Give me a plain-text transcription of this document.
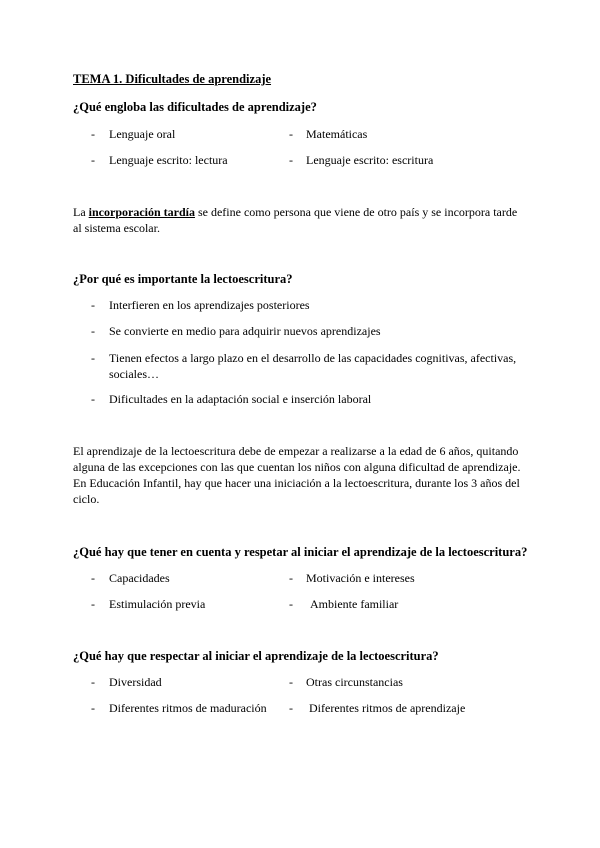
TEMA 1. Dificultades de aprendizaje
¿Qué engloba las dificultades de aprendizaje?
- Lenguaje oral	- Matemáticas
- Lenguaje escrito: lectura	- Lenguaje escrito: escritura
La incorporación tardía se define como persona que viene de otro país y se incorpora tarde
al sistema escolar.
¿Por qué es importante la lectoescritura?
- Interfieren en los aprendizajes posteriores
- Se convierte en medio para adquirir nuevos aprendizajes
- Tienen efectos a largo plazo en el desarrollo de las capacidades cognitivas, afectivas,
sociales…
- Dificultades en la adaptación social e inserción laboral
El aprendizaje de la lectoescritura debe de empezar a realizarse a la edad de 6 años, quitando
alguna de las excepciones con las que cuentan los niños con alguna dificultad de aprendizaje.
En Educación Infantil, hay que hacer una iniciación a la lectoescritura, durante los 3 años del
ciclo.
¿Qué hay que tener en cuenta y respetar al iniciar el aprendizaje de la lectoescritura?
- Capacidades	- Motivación e intereses
- Estimulación previa	- Ambiente familiar
¿Qué hay que respectar al iniciar el aprendizaje de la lectoescritura?
- Diversidad	- Otras circunstancias
- Diferentes ritmos de maduración - Diferentes ritmos de aprendizaje
